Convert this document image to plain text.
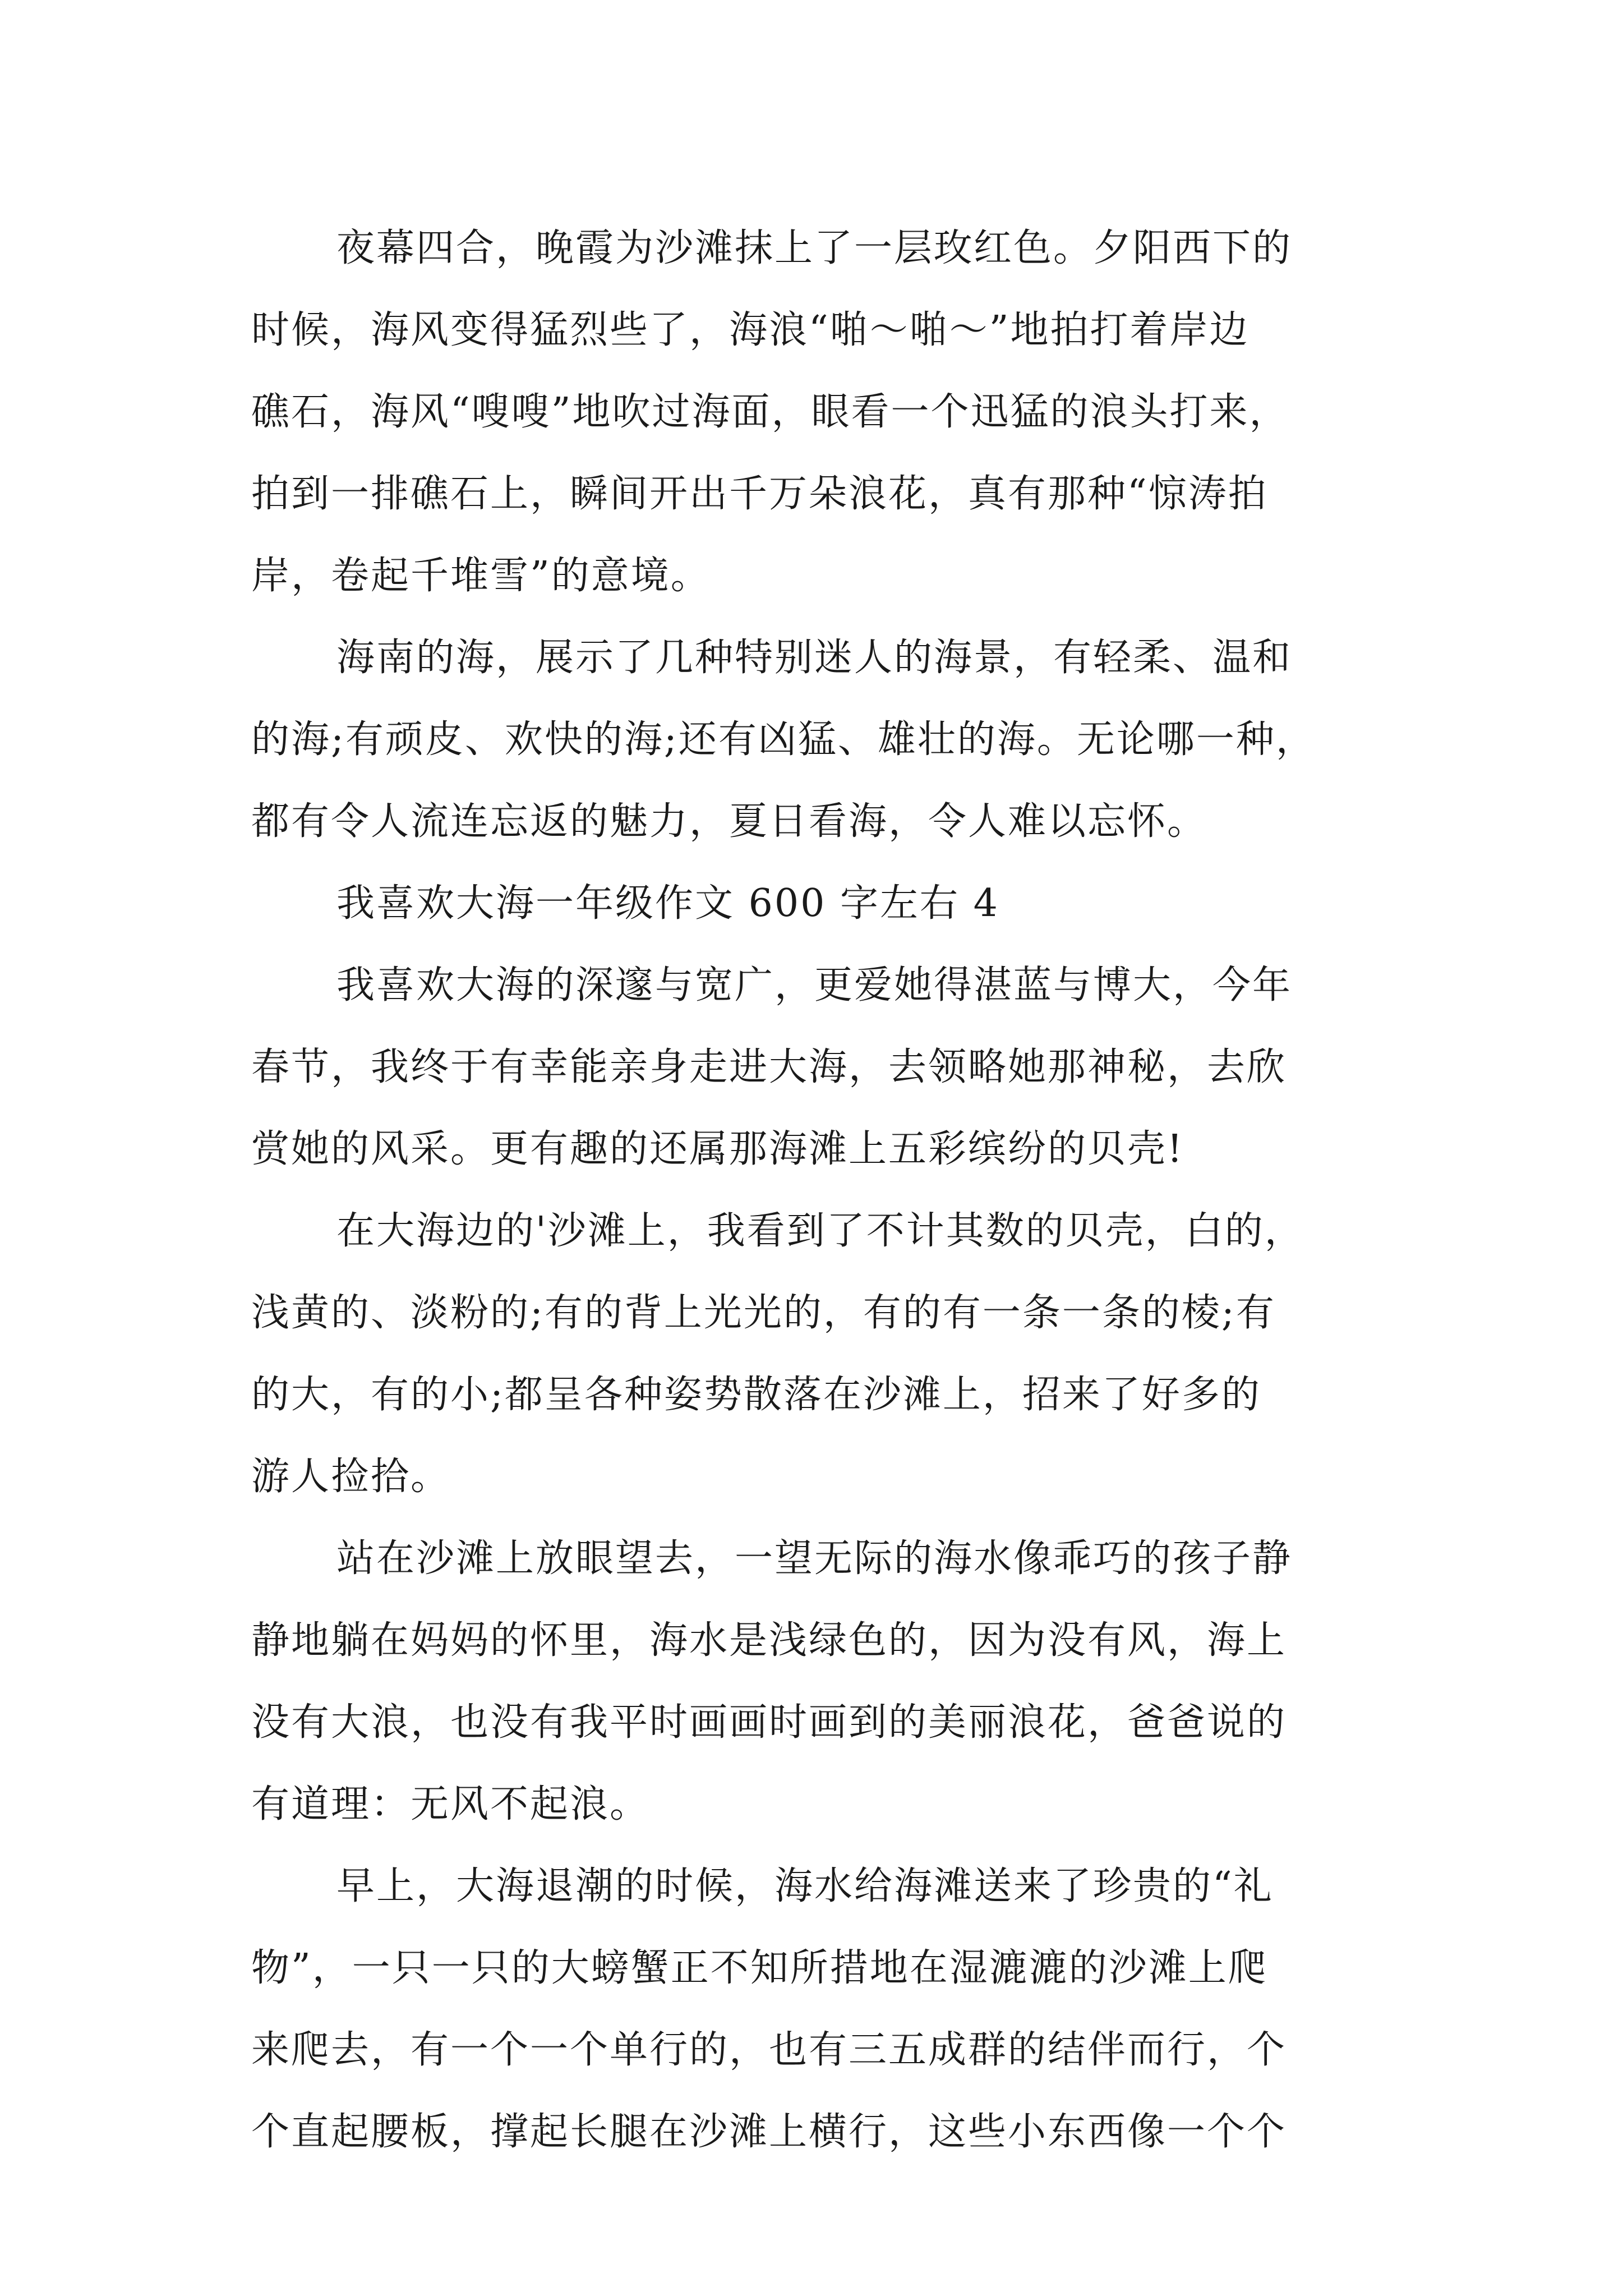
夜幕四合，晚霞为沙滩抹上了一层玫红色。夕阳西下的
时候，海风变得猛烈些了，海浪“啪～啪～”地拍打着岸边
礁石，海风“嗖嗖”地吹过海面，眼看一个迅猛的浪头打来，
拍到一排礁石上，瞬间开出千万朵浪花，真有那种“惊涛拍
岸，卷起千堆雪”的意境。
海南的海，展示了几种特别迷人的海景，有轻柔、温和
的海;有顽皮、欢快的海;还有凶猛、雄壮的海。无论哪一种，
都有令人流连忘返的魅力，夏日看海，令人难以忘怀。
我喜欢大海一年级作文 600 字左右 4
我喜欢大海的深邃与宽广，更爱她得湛蓝与博大，今年
春节，我终于有幸能亲身走进大海，去领略她那神秘，去欣
赏她的风采。更有趣的还属那海滩上五彩缤纷的贝壳!
在大海边的'沙滩上，我看到了不计其数的贝壳，白的，
浅黄的、淡粉的;有的背上光光的，有的有一条一条的棱;有
的大，有的小;都呈各种姿势散落在沙滩上，招来了好多的
游人捡拾。
站在沙滩上放眼望去，一望无际的海水像乖巧的孩子静
静地躺在妈妈的怀里，海水是浅绿色的，因为没有风，海上
没有大浪，也没有我平时画画时画到的美丽浪花，爸爸说的
有道理：无风不起浪。
早上，大海退潮的时候，海水给海滩送来了珍贵的“礼
物”，一只一只的大螃蟹正不知所措地在湿漉漉的沙滩上爬
来爬去，有一个一个单行的，也有三五成群的结伴而行，个
个直起腰板，撑起长腿在沙滩上横行，这些小东西像一个个
